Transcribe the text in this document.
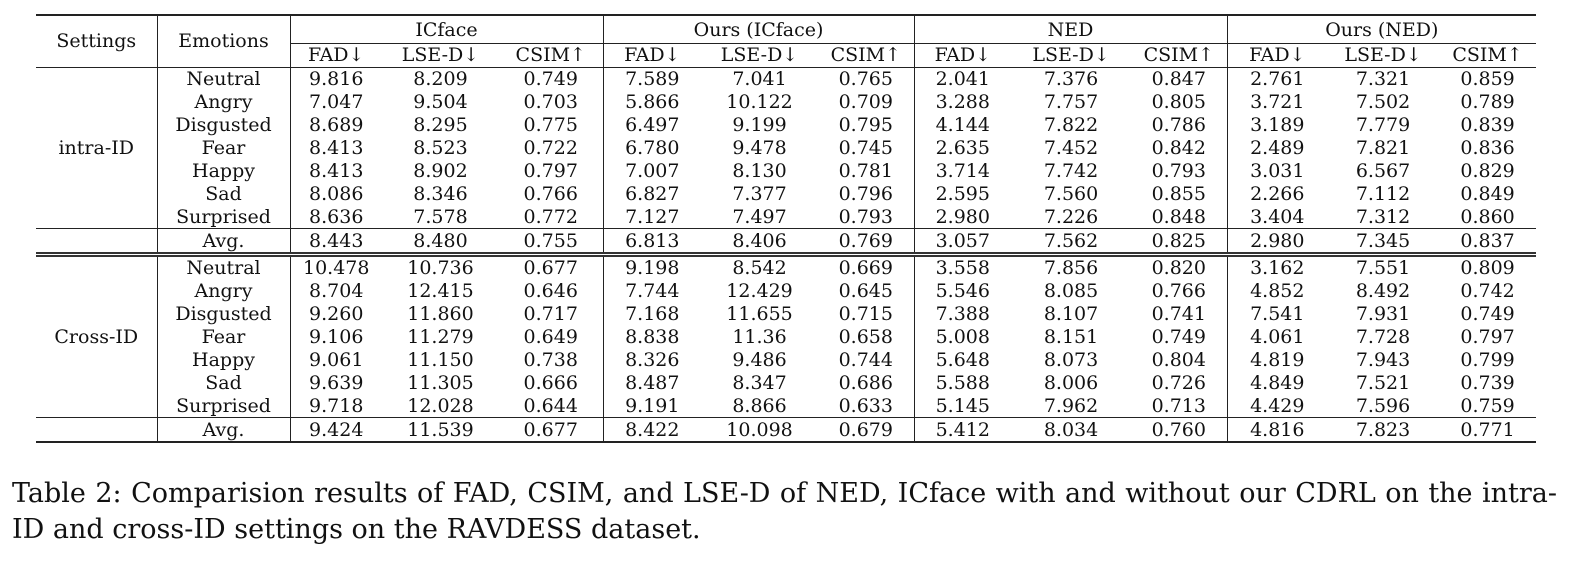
Settings	Emotions	ICface			Ours (ICface)			NED			Ours (NED)		
		FAD↓	LSE-D↓	CSIM↑	FAD↓	LSE-D↓	CSIM↑	FAD↓	LSE-D↓	CSIM↑	FAD↓	LSE-D↓	CSIM↑
intra-ID	Neutral	9.816	8.209	0.749	7.589	7.041	0.765	2.041	7.376	0.847	2.761	7.321	0.859
	Angry	7.047	9.504	0.703	5.866	10.122	0.709	3.288	7.757	0.805	3.721	7.502	0.789
	Disgusted	8.689	8.295	0.775	6.497	9.199	0.795	4.144	7.822	0.786	3.189	7.779	0.839
	Fear	8.413	8.523	0.722	6.780	9.478	0.745	2.635	7.452	0.842	2.489	7.821	0.836
	Happy	8.413	8.902	0.797	7.007	8.130	0.781	3.714	7.742	0.793	3.031	6.567	0.829
	Sad	8.086	8.346	0.766	6.827	7.377	0.796	2.595	7.560	0.855	2.266	7.112	0.849
	Surprised	8.636	7.578	0.772	7.127	7.497	0.793	2.980	7.226	0.848	3.404	7.312	0.860
	Avg.	8.443	8.480	0.755	6.813	8.406	0.769	3.057	7.562	0.825	2.980	7.345	0.837
Cross-ID	Neutral	10.478	10.736	0.677	9.198	8.542	0.669	3.558	7.856	0.820	3.162	7.551	0.809
	Angry	8.704	12.415	0.646	7.744	12.429	0.645	5.546	8.085	0.766	4.852	8.492	0.742
	Disgusted	9.260	11.860	0.717	7.168	11.655	0.715	7.388	8.107	0.741	7.541	7.931	0.749
	Fear	9.106	11.279	0.649	8.838	11.36	0.658	5.008	8.151	0.749	4.061	7.728	0.797
	Happy	9.061	11.150	0.738	8.326	9.486	0.744	5.648	8.073	0.804	4.819	7.943	0.799
	Sad	9.639	11.305	0.666	8.487	8.347	0.686	5.588	8.006	0.726	4.849	7.521	0.739
	Surprised	9.718	12.028	0.644	9.191	8.866	0.633	5.145	7.962	0.713	4.429	7.596	0.759
	Avg.	9.424	11.539	0.677	8.422	10.098	0.679	5.412	8.034	0.760	4.816	7.823	0.771
Table 2: Comparision results of FAD, CSIM, and LSE-D of NED, ICface with and without our CDRL on the intra-ID and cross-ID settings on the RAVDESS dataset.
